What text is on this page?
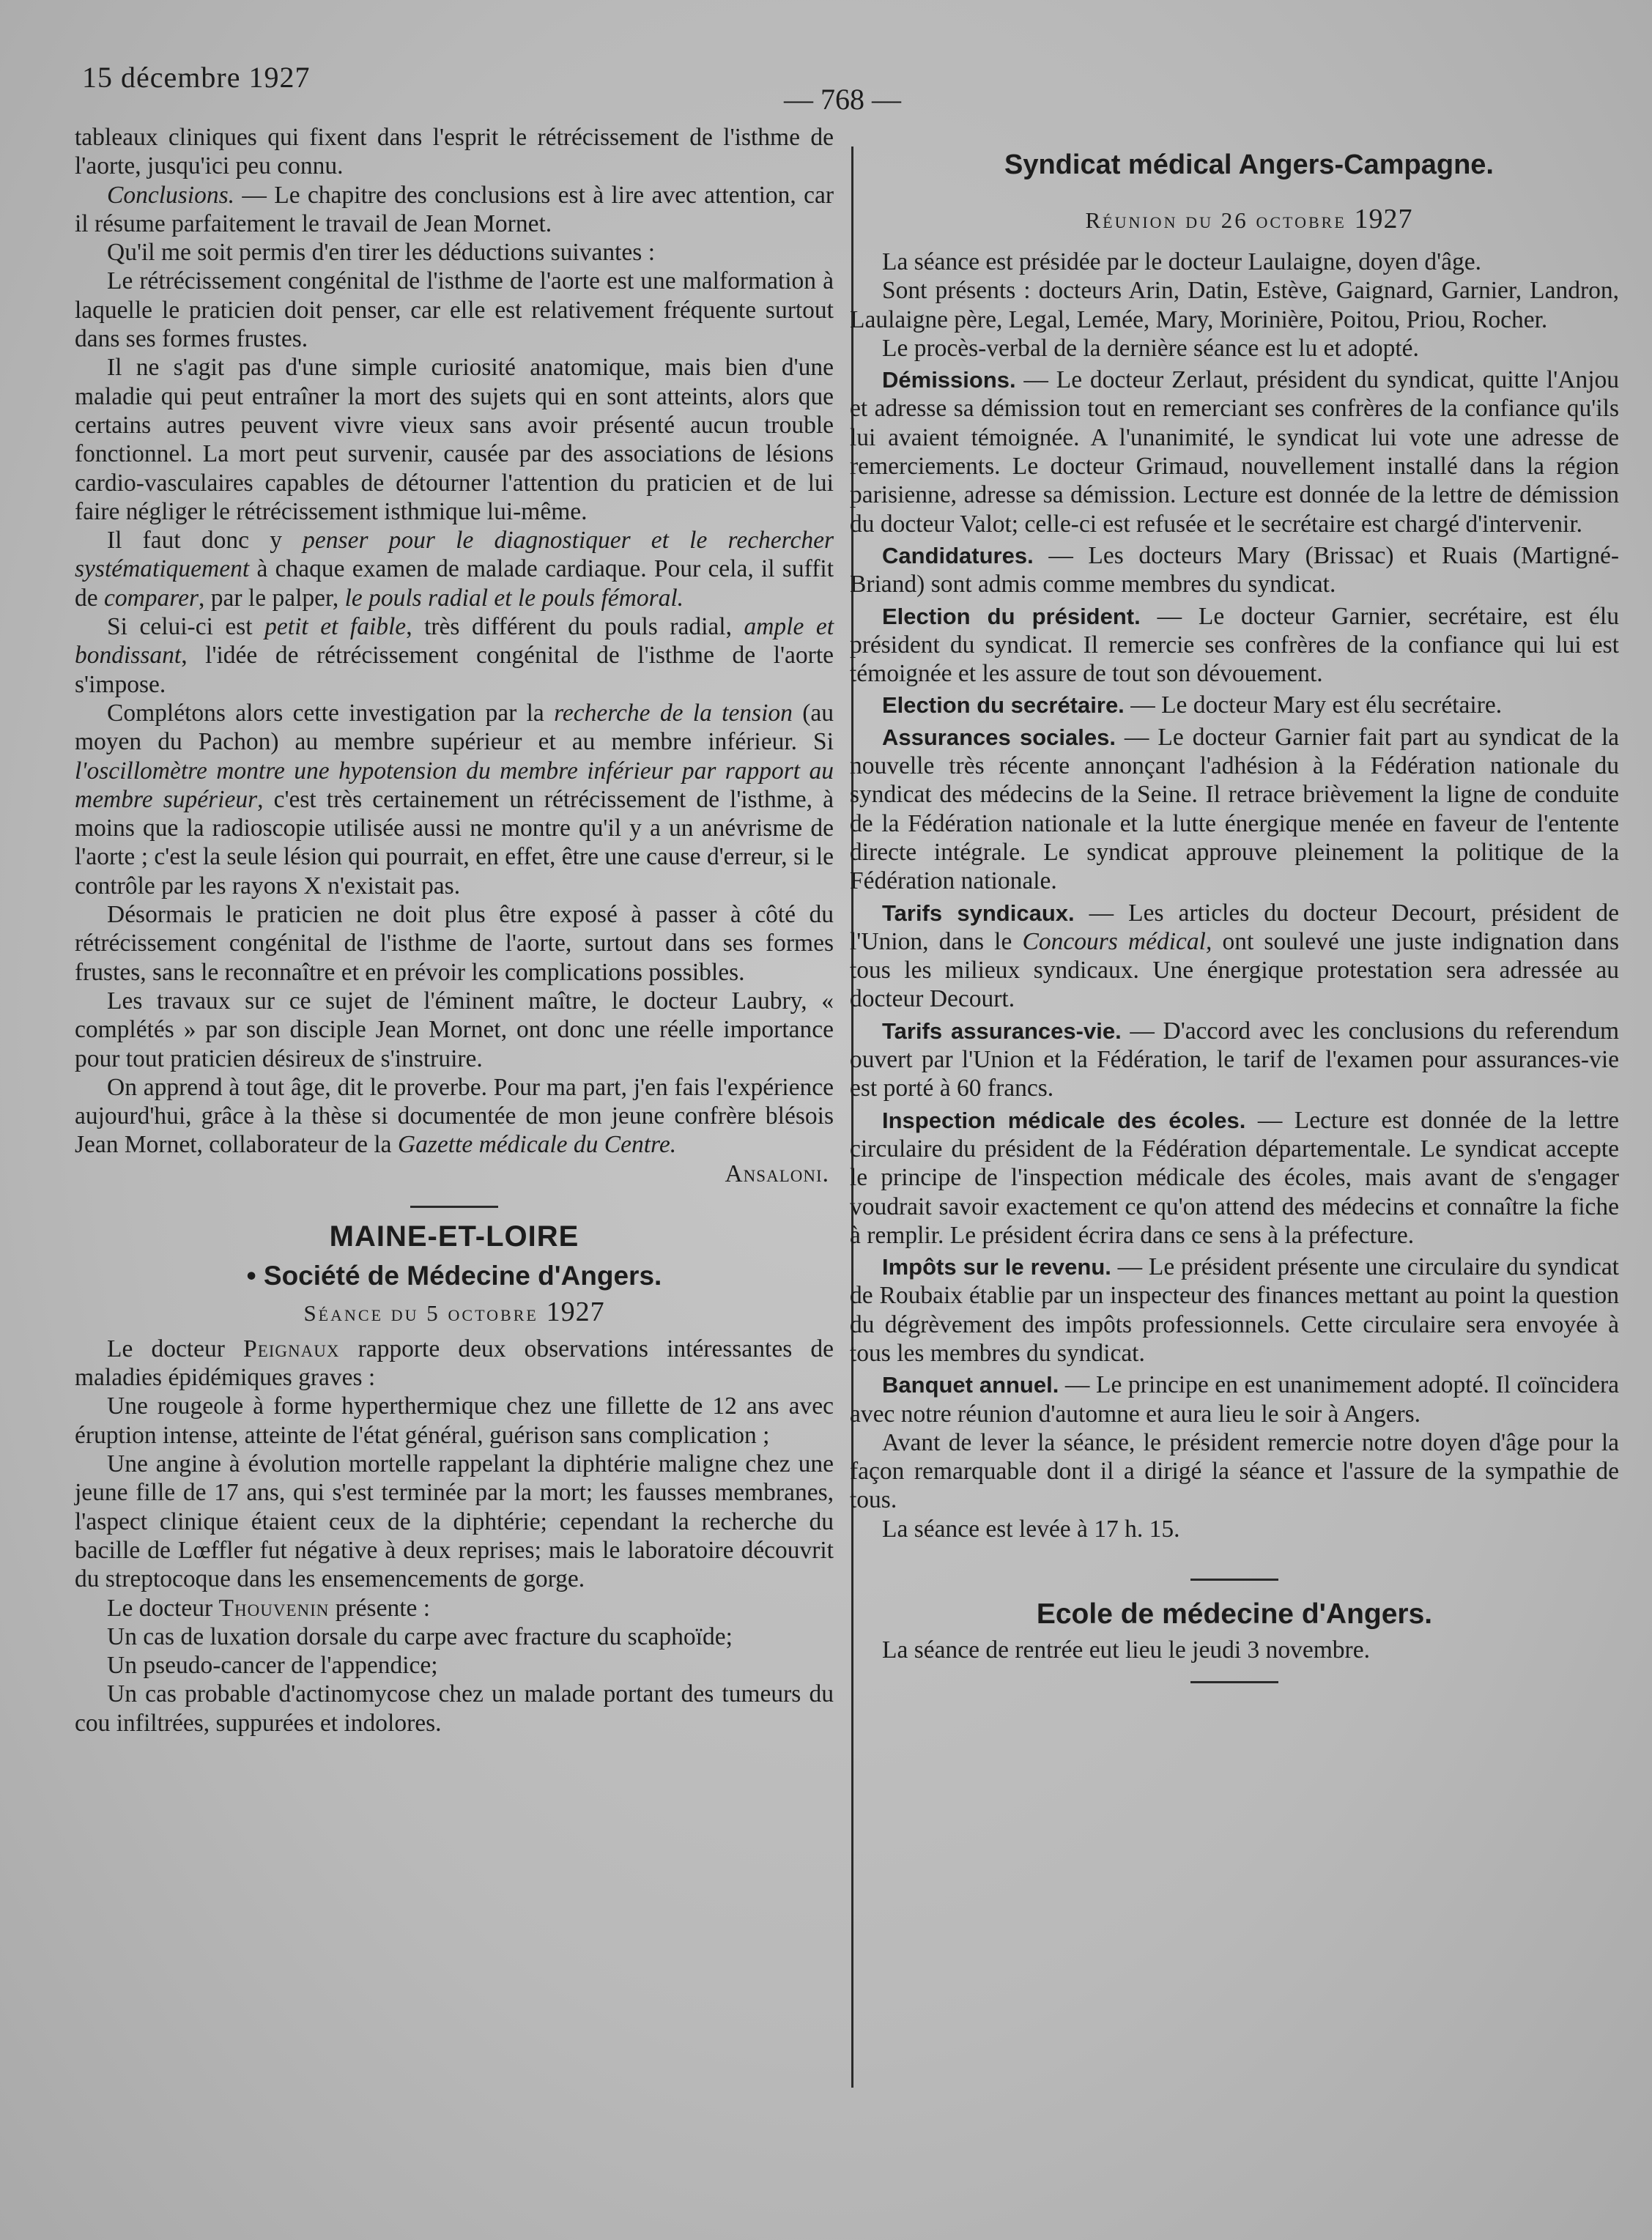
15 décembre 1927
— 768 —

tableaux cliniques qui fixent dans l'esprit le rétrécissement de l'isthme de l'aorte, jusqu'ici peu connu.

Conclusions. — Le chapitre des conclusions est à lire avec attention, car il résume parfaitement le travail de Jean Mornet.

Qu'il me soit permis d'en tirer les déductions suivantes :

Le rétrécissement congénital de l'isthme de l'aorte est une malformation à laquelle le praticien doit penser, car elle est relativement fréquente surtout dans ses formes frustes.

Il ne s'agit pas d'une simple curiosité anatomique, mais bien d'une maladie qui peut entraîner la mort des sujets qui en sont atteints, alors que certains autres peuvent vivre vieux sans avoir présenté aucun trouble fonctionnel. La mort peut survenir, causée par des associations de lésions cardio-vasculaires capables de détourner l'attention du praticien et de lui faire négliger le rétrécissement isthmique lui-même.

Il faut donc y penser pour le diagnostiquer et le rechercher systématiquement à chaque examen de malade cardiaque. Pour cela, il suffit de comparer, par le palper, le pouls radial et le pouls fémoral.

Si celui-ci est petit et faible, très différent du pouls radial, ample et bondissant, l'idée de rétrécissement congénital de l'isthme de l'aorte s'impose.

Complétons alors cette investigation par la recherche de la tension (au moyen du Pachon) au membre supérieur et au membre inférieur. Si l'oscillomètre montre une hypotension du membre inférieur par rapport au membre supérieur, c'est très certainement un rétrécissement de l'isthme, à moins que la radioscopie utilisée aussi ne montre qu'il y a un anévrisme de l'aorte ; c'est la seule lésion qui pourrait, en effet, être une cause d'erreur, si le contrôle par les rayons X n'existait pas.

Désormais le praticien ne doit plus être exposé à passer à côté du rétrécissement congénital de l'isthme de l'aorte, surtout dans ses formes frustes, sans le reconnaître et en prévoir les complications possibles.

Les travaux sur ce sujet de l'éminent maître, le docteur Laubry, « complétés » par son disciple Jean Mornet, ont donc une réelle importance pour tout praticien désireux de s'instruire.

On apprend à tout âge, dit le proverbe. Pour ma part, j'en fais l'expérience aujourd'hui, grâce à la thèse si documentée de mon jeune confrère blésois Jean Mornet, collaborateur de la Gazette médicale du Centre.

Ansaloni.

MAINE-ET-LOIRE
• Société de Médecine d'Angers.
Séance du 5 octobre 1927

Le docteur Peignaux rapporte deux observations intéressantes de maladies épidémiques graves :

Une rougeole à forme hyperthermique chez une fillette de 12 ans avec éruption intense, atteinte de l'état général, guérison sans complication ;

Une angine à évolution mortelle rappelant la diphtérie maligne chez une jeune fille de 17 ans, qui s'est terminée par la mort; les fausses membranes, l'aspect clinique étaient ceux de la diphtérie; cependant la recherche du bacille de Lœffler fut négative à deux reprises; mais le laboratoire découvrit du streptocoque dans les ensemencements de gorge.

Le docteur Thouvenin présente :

Un cas de luxation dorsale du carpe avec fracture du scaphoïde;

Un pseudo-cancer de l'appendice;

Un cas probable d'actinomycose chez un malade portant des tumeurs du cou infiltrées, suppurées et indolores.

Syndicat médical Angers-Campagne.
Réunion du 26 octobre 1927

La séance est présidée par le docteur Laulaigne, doyen d'âge.

Sont présents : docteurs Arin, Datin, Estève, Gaignard, Garnier, Landron, Laulaigne père, Legal, Lemée, Mary, Morinière, Poitou, Priou, Rocher.

Le procès-verbal de la dernière séance est lu et adopté.

Démissions. — Le docteur Zerlaut, président du syndicat, quitte l'Anjou et adresse sa démission tout en remerciant ses confrères de la confiance qu'ils lui avaient témoignée. A l'unanimité, le syndicat lui vote une adresse de remerciements. Le docteur Grimaud, nouvellement installé dans la région parisienne, adresse sa démission. Lecture est donnée de la lettre de démission du docteur Valot; celle-ci est refusée et le secrétaire est chargé d'intervenir.

Candidatures. — Les docteurs Mary (Brissac) et Ruais (Martigné-Briand) sont admis comme membres du syndicat.

Election du président. — Le docteur Garnier, secrétaire, est élu président du syndicat. Il remercie ses confrères de la confiance qui lui est témoignée et les assure de tout son dévouement.

Election du secrétaire. — Le docteur Mary est élu secrétaire.

Assurances sociales. — Le docteur Garnier fait part au syndicat de la nouvelle très récente annonçant l'adhésion à la Fédération nationale du syndicat des médecins de la Seine. Il retrace brièvement la ligne de conduite de la Fédération nationale et la lutte énergique menée en faveur de l'entente directe intégrale. Le syndicat approuve pleinement la politique de la Fédération nationale.

Tarifs syndicaux. — Les articles du docteur Decourt, président de l'Union, dans le Concours médical, ont soulevé une juste indignation dans tous les milieux syndicaux. Une énergique protestation sera adressée au docteur Decourt.

Tarifs assurances-vie. — D'accord avec les conclusions du referendum ouvert par l'Union et la Fédération, le tarif de l'examen pour assurances-vie est porté à 60 francs.

Inspection médicale des écoles. — Lecture est donnée de la lettre circulaire du président de la Fédération départementale. Le syndicat accepte le principe de l'inspection médicale des écoles, mais avant de s'engager voudrait savoir exactement ce qu'on attend des médecins et connaître la fiche à remplir. Le président écrira dans ce sens à la préfecture.

Impôts sur le revenu. — Le président présente une circulaire du syndicat de Roubaix établie par un inspecteur des finances mettant au point la question du dégrèvement des impôts professionnels. Cette circulaire sera envoyée à tous les membres du syndicat.

Banquet annuel. — Le principe en est unanimement adopté. Il coïncidera avec notre réunion d'automne et aura lieu le soir à Angers.

Avant de lever la séance, le président remercie notre doyen d'âge pour la façon remarquable dont il a dirigé la séance et l'assure de la sympathie de tous.

La séance est levée à 17 h. 15.

Ecole de médecine d'Angers.

La séance de rentrée eut lieu le jeudi 3 novembre.
